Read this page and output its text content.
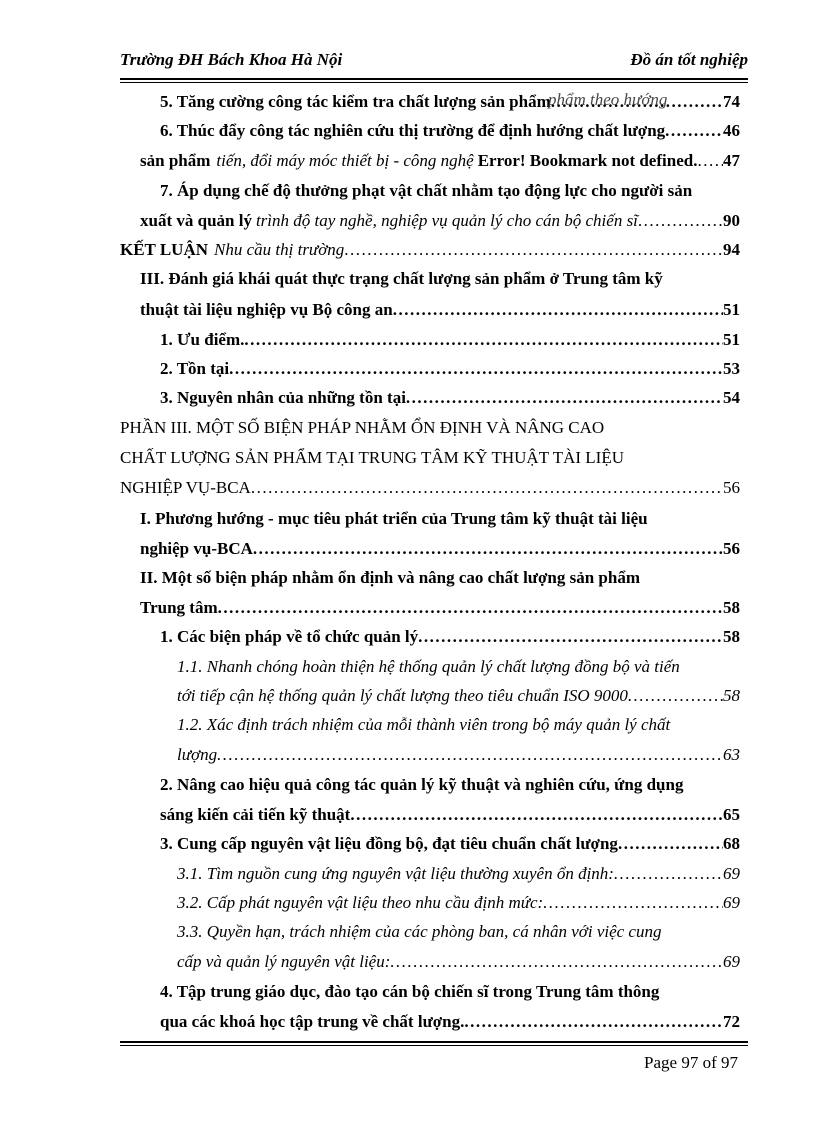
Trường ĐH Bách Khoa Hà Nội	Đồ án tốt nghiệp
5. Tăng cường công tác kiểm tra chất lượng sản phẩm .....	74
phẩm theo hướng
6. Thúc đẩy công tác nghiên cứu thị trường để định hướng chất lượng .....	46
sản phẩm tiến, đổi máy móc thiết bị - công nghệ Error! Bookmark not defined. ..... 47
7. Áp dụng chế độ thưởng phạt vật chất nhằm tạo động lực cho người sản
xuất và quản lý trình độ tay nghề, nghiệp vụ quản lý cho cán bộ chiến sĩ .....	90
KẾT LUẬN Nhu cầu thị trường .....	94
III. Đánh giá khái quát thực trạng chất lượng sản phẩm ở Trung tâm kỹ
thuật tài liệu nghiệp vụ Bộ công an .....	51
1. Ưu điểm. .....	51
2. Tồn tại .....	53
3. Nguyên nhân của những tồn tại .....	54
PHẦN III. MỘT SỐ BIỆN PHÁP NHẰM ỔN ĐỊNH VÀ NÂNG CAO
CHẤT LƯỢNG SẢN PHẨM TẠI TRUNG TÂM KỸ THUẬT TÀI LIỆU
NGHIỆP VỤ-BCA .....	56
I. Phương hướng - mục tiêu phát triển của Trung tâm kỹ thuật tài liệu
nghiệp vụ-BCA .....	56
II. Một số biện pháp nhằm ổn định và nâng cao chất lượng sản phẩm
Trung tâm .....	58
1. Các biện pháp về tổ chức quản lý .....	58
1.1. Nhanh chóng hoàn thiện hệ thống quản lý chất lượng đồng bộ và tiến
tới tiếp cận hệ thống quản lý chất lượng theo tiêu chuẩn ISO 9000 .....	58
1.2. Xác định trách nhiệm của mỗi thành viên trong bộ máy quản lý chất
lượng .....	63
2. Nâng cao hiệu quả công tác quản lý kỹ thuật và nghiên cứu, ứng dụng
sáng kiến cải tiến kỹ thuật .....	65
3. Cung cấp nguyên vật liệu đồng bộ, đạt tiêu chuẩn chất lượng .....	68
3.1. Tìm nguồn cung ứng nguyên vật liệu thường xuyên ổn định: .....	69
3.2. Cấp phát nguyên vật liệu theo nhu cầu định mức: .....	69
3.3. Quyền hạn, trách nhiệm của các phòng ban, cá nhân với việc cung
cấp và quản lý nguyên vật liệu: .....	69
4. Tập trung giáo dục, đào tạo cán bộ chiến sĩ trong Trung tâm thông
qua các khoá học tập trung về chất lượng. .....	72
Page 97 of 97
